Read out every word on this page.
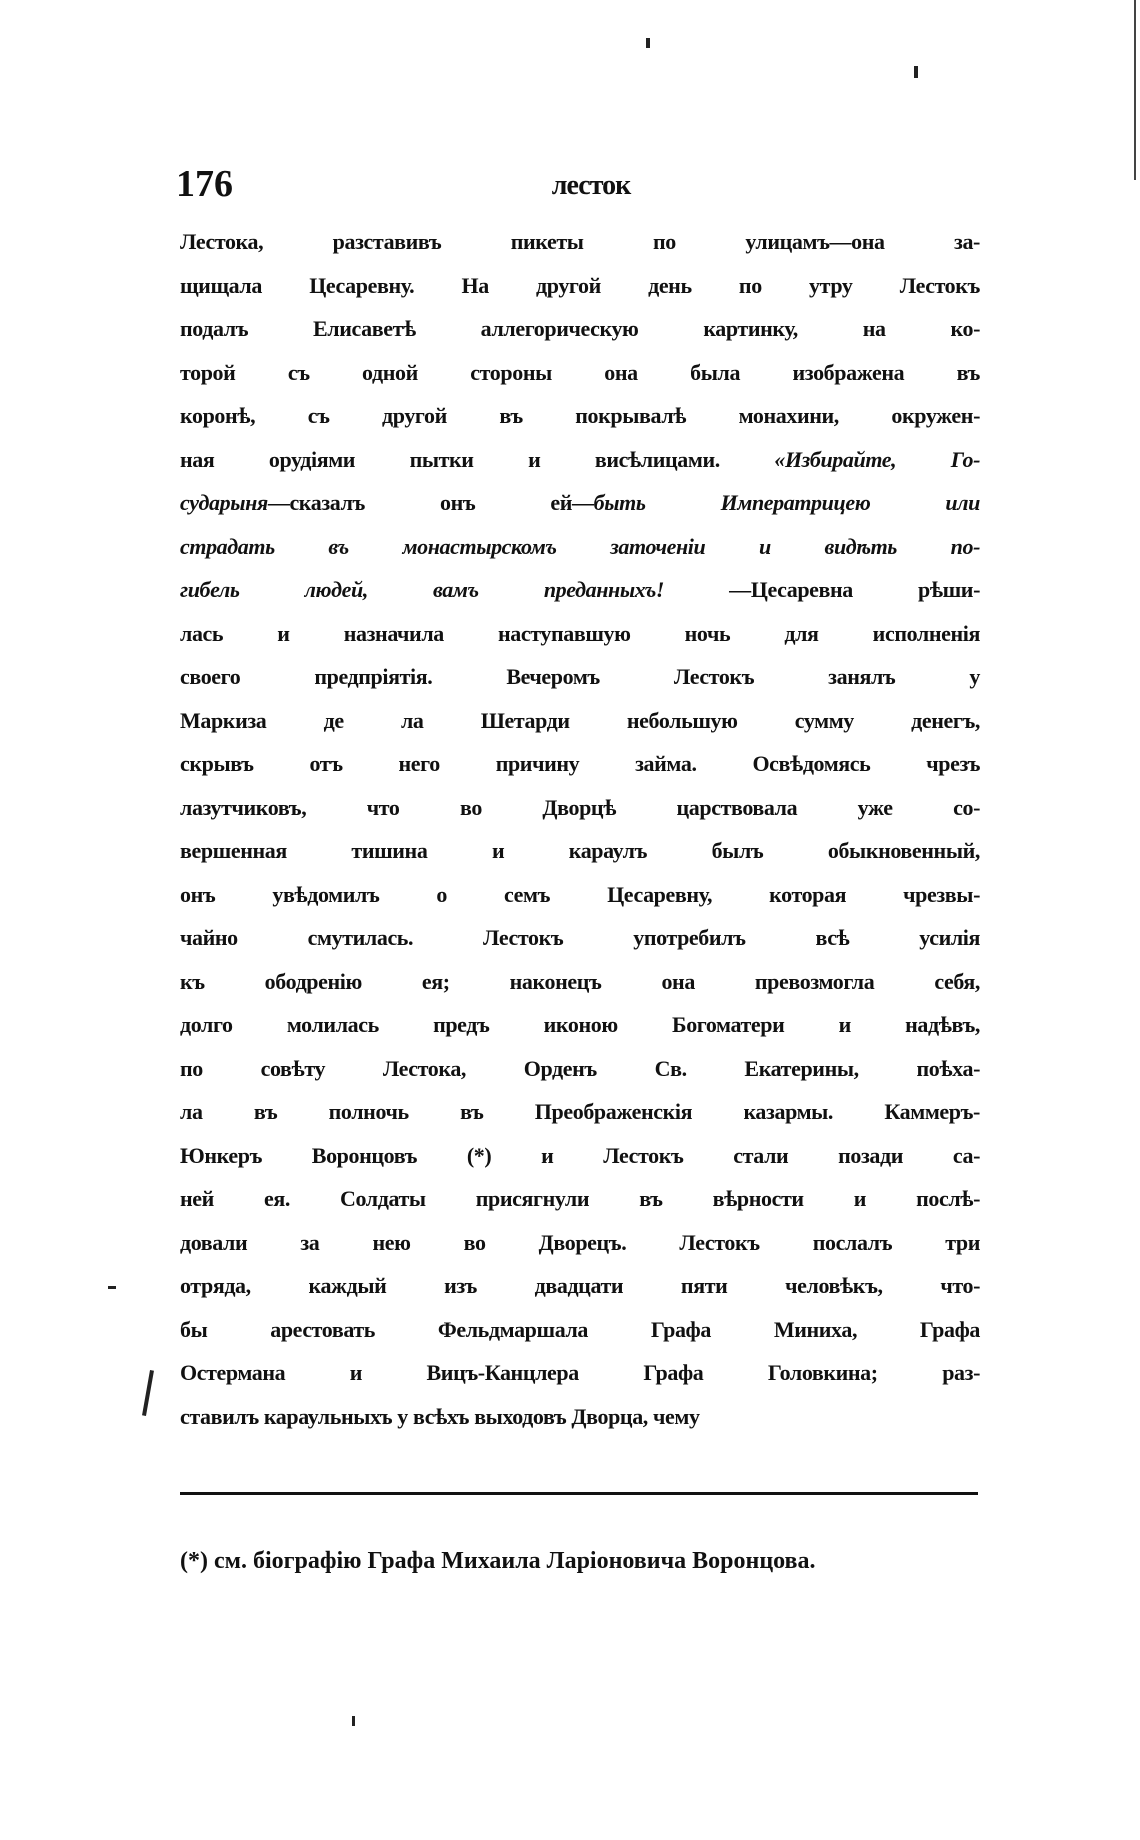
176	лесток
Лестока, разставивъ пикеты по улицамъ—она за-
щищала Цесаревну. На другой день по утру Лестокъ
подалъ Елисаветѣ аллегорическую картинку, на ко-
торой съ одной стороны она была изображена въ
коронѣ, съ другой въ покрывалѣ монахини, окружен-
ная орудіями пытки и висѣлицами. «Избирайте, Го-
сударыня—сказалъ онъ ей—быть Императрицею или
страдать въ монастырскомъ заточеніи и видѣть по-
гибель людей, вамъ преданныхъ! —Цесаревна рѣши-
лась и назначила наступавшую ночь для исполненія
своего предпріятія. Вечеромъ Лестокъ занялъ у
Маркиза де ла Шетарди небольшую сумму денегъ,
скрывъ отъ него причину займа. Освѣдомясь чрезъ
лазутчиковъ, что во Дворцѣ царствовала уже со-
вершенная тишина и караулъ былъ обыкновенный,
онъ увѣдомилъ о семъ Цесаревну, которая чрезвы-
чайно смутилась. Лестокъ употребилъ всѣ усилія
къ ободренію ея; наконецъ она превозмогла себя,
долго молилась предъ иконою Богоматери и надѣвъ,
по совѣту Лестока, Орденъ Св. Екатерины, поѣха-
ла въ полночь въ Преображенскія казармы. Каммеръ-
Юнкеръ Воронцовъ (*) и Лестокъ стали позади са-
ней ея. Солдаты присягнули въ вѣрности и послѣ-
довали за нею во Дворецъ. Лестокъ послалъ три
отряда, каждый изъ двадцати пяти человѣкъ, что-
бы арестовать Фельдмаршала Графа Миниха, Графа
Остермана и Вицъ-Канцлера Графа Головкина; раз-
ставилъ караульныхъ у всѣхъ выходовъ Дворца, чему
(*) см. біографію Графа Михаила Ларіоновича Воронцова.
